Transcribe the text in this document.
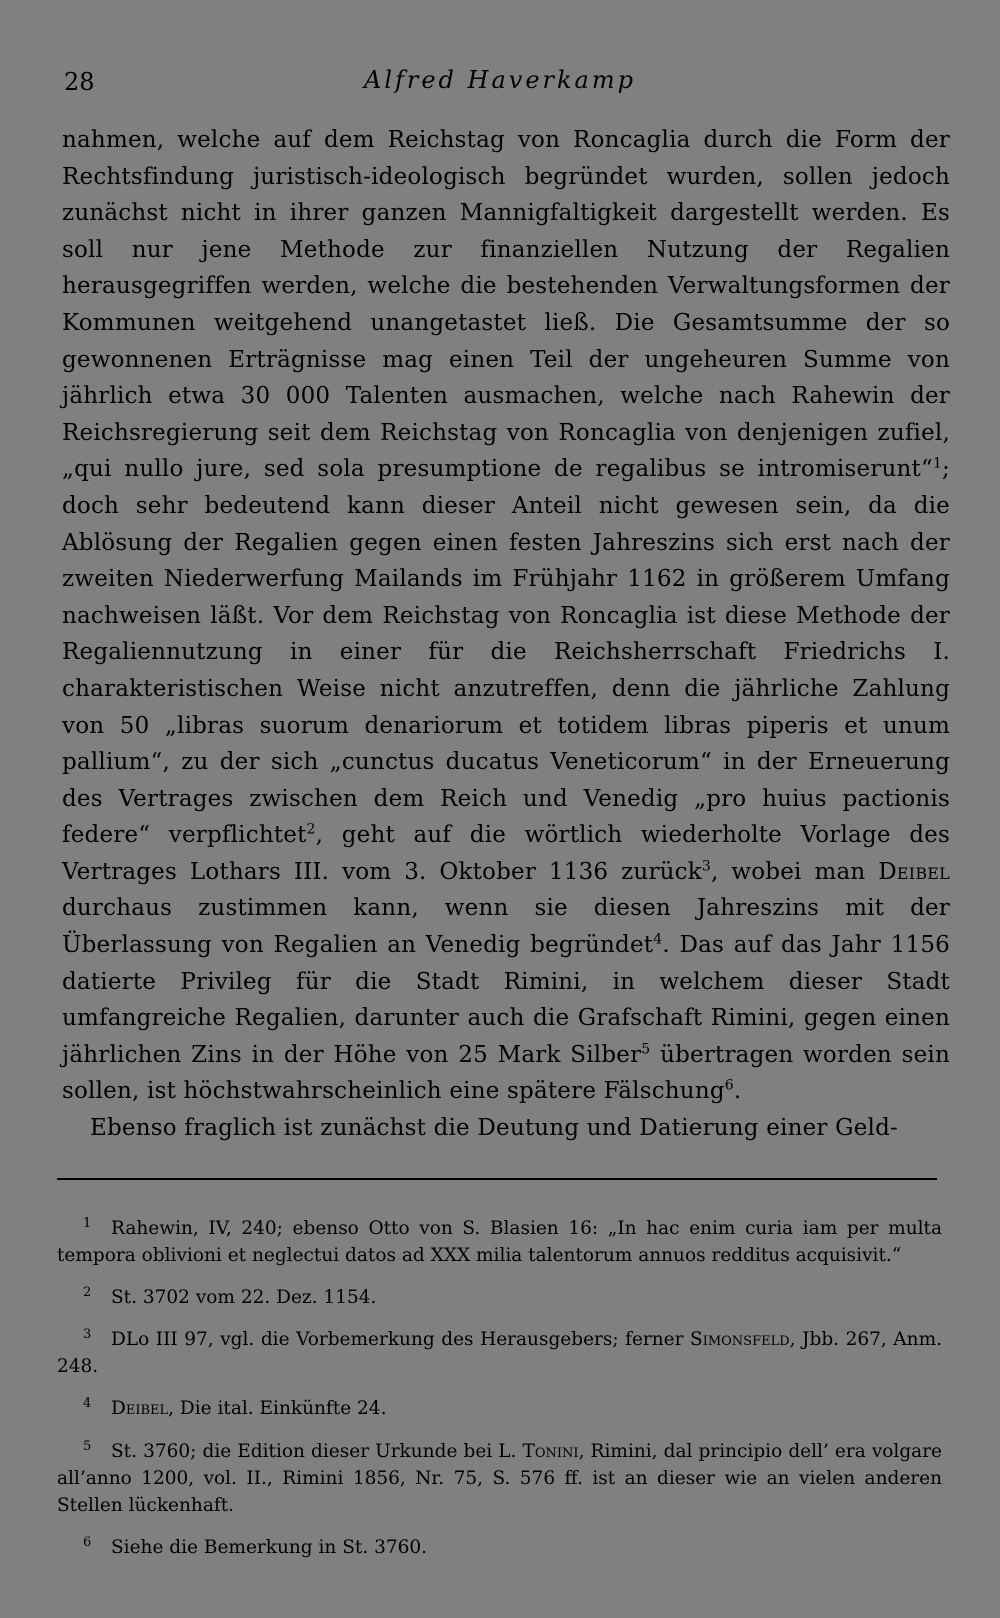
28	Alfred Haverkamp

nahmen, welche auf dem Reichstag von Roncaglia durch die Form der Rechtsfindung juristisch-ideologisch begründet wurden, sollen jedoch zunächst nicht in ihrer ganzen Mannigfaltigkeit dargestellt werden. Es soll nur jene Methode zur finanziellen Nutzung der Regalien herausgegriffen werden, welche die bestehenden Verwaltungsformen der Kommunen weitgehend unangetastet ließ. Die Gesamtsumme der so gewonnenen Erträgnisse mag einen Teil der ungeheuren Summe von jährlich etwa 30 000 Talenten ausmachen, welche nach Rahewin der Reichsregierung seit dem Reichstag von Roncaglia von denjenigen zufiel, „qui nullo jure, sed sola presumptione de regalibus se intromiserunt“$^1$; doch sehr bedeutend kann dieser Anteil nicht gewesen sein, da die Ablösung der Regalien gegen einen festen Jahreszins sich erst nach der zweiten Niederwerfung Mailands im Frühjahr 1162 in größerem Umfang nachweisen läßt. Vor dem Reichstag von Roncaglia ist diese Methode der Regaliennutzung in einer für die Reichsherrschaft Friedrichs I. charakteristischen Weise nicht anzutreffen, denn die jährliche Zahlung von 50 „libras suorum denariorum et totidem libras piperis et unum pallium“, zu der sich „cunctus ducatus Veneticorum“ in der Erneuerung des Vertrages zwischen dem Reich und Venedig „pro huius pactionis federe“ verpflichtet$^2$, geht auf die wörtlich wiederholte Vorlage des Vertrages Lothars III. vom 3. Oktober 1136 zurück$^3$, wobei man Deibel durchaus zustimmen kann, wenn sie diesen Jahreszins mit der Überlassung von Regalien an Venedig begründet$^4$. Das auf das Jahr 1156 datierte Privileg für die Stadt Rimini, in welchem dieser Stadt umfangreiche Regalien, darunter auch die Grafschaft Rimini, gegen einen jährlichen Zins in der Höhe von 25 Mark Silber$^5$ übertragen worden sein sollen, ist höchstwahrscheinlich eine spätere Fälschung$^6$.

Ebenso fraglich ist zunächst die Deutung und Datierung einer Geld-

$^1$ Rahewin, IV, 240; ebenso Otto von S. Blasien 16: „In hac enim curia iam per multa tempora oblivioni et neglectui datos ad XXX milia talentorum annuos redditus acquisivit.“

$^2$ St. 3702 vom 22. Dez. 1154.

$^3$ DLo III 97, vgl. die Vorbemerkung des Herausgebers; ferner Simonsfeld, Jbb. 267, Anm. 248.

$^4$ Deibel, Die ital. Einkünfte 24.

$^5$ St. 3760; die Edition dieser Urkunde bei L. Tonini, Rimini, dal principio dell’ era volgare all’anno 1200, vol. II., Rimini 1856, Nr. 75, S. 576 ff. ist an dieser wie an vielen anderen Stellen lückenhaft.

$^6$ Siehe die Bemerkung in St. 3760.
